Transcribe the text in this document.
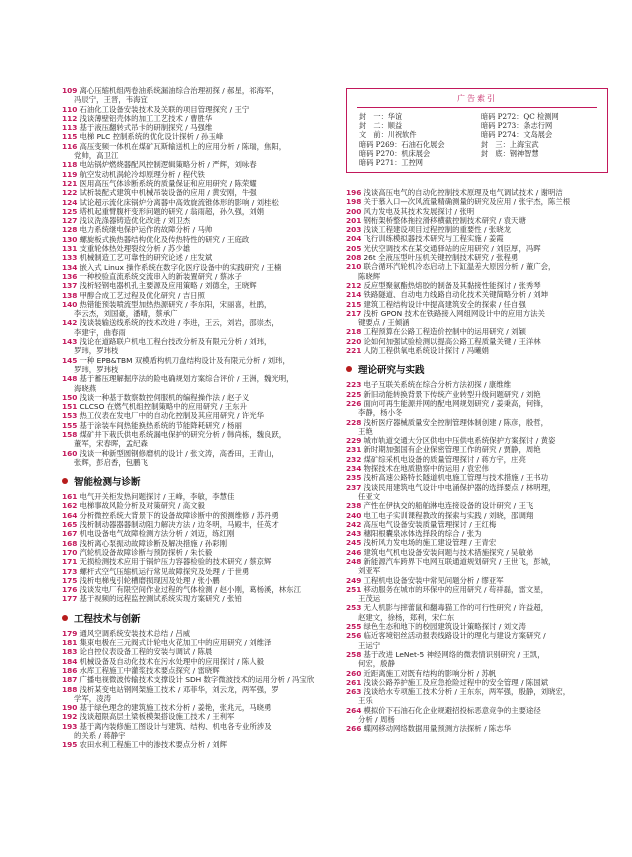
广告索引
封　一：华谊	暗码 P272：QC 检测网
封　二：顺益	暗码 P273：条志行网
文　前：川祝软件	暗码 P274：文岛展会
暗码 P269：石油石化展会	封　三：上海宝武
暗码 P270：机床展会	封　底：钢神智慧
暗码 P271：工控网

109 离心压缩机组两卷油系统漏油综合治理初探 / 郝星，祁海军，
冯辰宁，王晋，韦海宜

110 石油化工设备安装技术及关联的项目管理探究 / 王宁

112 浅谈薄壁铝壳体的加工工艺技术 / 曹胜华

113 基于液压翻转式吊卡的研制探究 / 马强维

115 电梯 PLC 控制系统的优化设计探析 / 孙玉峰

116 高压变频一体机在煤矿瓦斯输送机上的应用分析 / 陈瑞，焦阳，
党帅，高卫江

118 电站锅炉燃烧器配风控制逻辑策略分析 / 严辉，刘咏春

119 航空发动机涡轮冷却原理分析 / 程代铁

121 医用高压气体诊断系统的质量保证和应用研究 / 陈荣耀

122 试析装配式建筑中机械吊装设备的应用 / 黄安刚，牛强

124 试论超示流化床锅炉分离器中高效旋流锥体形的影响 / 刘桂松

125 塔机起重臂腹杆变形问题的研究 / 翁雨超，孙久强，刘娟

127 浅议洗涤器铸造优化改进 / 刘卫杰

128 电力系统继电保护运作的故障分析 / 马帅

130 螺旋板式换热器结构优化及传热特性的研究 / 王庭政

131 支重轮体热处理裂纹分析 / 苏少雄

133 机械制造工艺可靠性的研究论述 / 庄发斌

134 嵌入式 Linux 操作系统在数字化医疗设备中的实践研究 / 王楠

136 一种校验直流系统交流串入的新装置研究 / 蔡冰子

137 浅析轻钢电器机孔主要源及应用策略 / 刘德全，王晓辉

138 甲醇合成工艺过程及优化研究 / 吉日照

140 热错能预装喷流型加热热源研究 / 李东阳，宋丽喜，杜鹃，
李云杰，刘国豪，潘晴，蔡承广

142 浅谈装输送线系统的技术改进 / 李进，王云，刘岩，邵崇杰，
李建宇，曲春雨

143 浅论在道路联户机电工程台技改分析及有限元分析 / 刘玮，
罗玮，罗玮枝

145 一种 EPB&TBM 双模盾构机刀盘结构设计及有限元分析 / 刘玮，
罗玮，罗玮枝

148 基于蓄压理解掘序法的险电确规划方案综合评价 / 王洲，魏光明，
海晓燕

150 浅谈一种基于数察数控伺服机的编程操作法 / 赵子义

151 CLCSO 在燃气机组控制策略中的应用研究 / 王东升

153 热工仪表在发电厂中的自动化控制及其应用研究 / 许光华

155 基于涂装车间热能换热系统的节能降耗研究 / 杨丽

158 煤矿井下栽氏供电系统漏电保护的研究分析 / 韩尚栋，魏良跃，
董军，宋春晖，孟纪森

160 浅谈一种新型圆钢修磨机的设计 / 张文涛，高香田，王青山，
张辉，彭启香，包鹏飞

智能检测与诊断

161 电气开关柜发热问题探讨 / 王峰，李敏，李慧佳

162 电梯事故风险分析及对策研究 / 高文毅

164 分析微控系统大背景下的设备故障诊断中的预测维修 / 苏丹勇

165 浅析制动器器器制动阻力解决方法 / 边冬明，马殿丰，任英才

167 机电设备电气故障检测方法分析 / 刘迈，练红刚

168 浅析离心泵振动故障诊断及解决措施 / 孙彩刚

170 汽轮机设备故障诊断与预防探析 / 朱长毅

171 无损检测技术应用于锅炉压力容器检验的技术研究 / 蔡京辉

173 螺杆式空气压缩机运行常见故障探究及处理 / 于世勇

175 浅析电梯曳引轮槽磨损现因及处理 / 张小鹏

176 浅谈发电厂有限空间作业过程的气体检测 / 赵小刚，葛杨溪，林东江

177 基于视频的远程监控测试系统实现方案研究 / 张铂

工程技术与创新

179 通风空调系统安装技术总结 / 吕威

181 集束电极在三元阀式计轮电火花加工中的应用研究 / 刘维泽

183 论自控仪表设备工程的安装与调试 / 陈晨

184 机械设备及自动化技术在污水处理中的应用探讨 / 陈人毅

186 水库工程施工中灌浆技术要点探究 / 雷晓辉

187 广播电视微波传输技术支撑设计 SDH 数字微波技术的运用分析 / 冯宝欣

188 浅析某变电站钢网架施工技术 / 邓菲华，刘云龙，两军强，罗
学军，凌涛

190 基于绿色理念的建筑施工技术分析 / 姜艳，张兆元，马晓勇

192 浅谈超限高层土梁板模架搭设施工技术 / 王利军

193 基于离内装修施工图设计与建筑、结构、机电各专业所涉及
的关系 / 蒋静宇

195 农田水利工程施工中的渗技术要点分析 / 刘辉

196 浅谈高压电气的自动化控制技术原理及电气调试技术 / 谢明洁

198 关于慕入口—次风流量精确测量的研究及应用 / 张宇杰，陈兰根

200 风力发电及其技术发展探讨 / 张明

201 钢桁架桥整体拖拉滑移横截控制技术研究 / 袁天塘

203 浅谈工程建设项目过程控制的重要性 / 张晓龙

204 飞行训练模拟器技术研究与工程实施 / 姜霞

205 光伏空调技术在某交通驿站的应用研究 / 刘臣厚，冯晖

208 26t 全液压型叶压机关键控制技术研究 / 张程勇

210 联合循环汽轮机冷态启动上下缸温差大原因分析 / 董广会，
陈晓辉

212 反应型聚氨酯热熔胶的制备及其黏接性能探讨 / 张秀琴

214 铁路隧道、自动电力线路自动化技术关键简略分析 / 刘坤

215 建筑工程结构设计中提高建筑安全的探索 / 任自强

217 浅析 GPON 技术在铁路接入网组网设计中的应用方法关
键要点 / 王倾涵

218 工程预算在公路工程造价控制中的运用研究 / 刘颖

220 论如何加强试验检测以提高公路工程质量关键 / 王洋林

221 人防工程供氧电系统设计探讨 / 冯曦娟

理论研究与实践

223 电子互联关系统在综合分析方法初探 / 康维维

225 新旧动能转换背景下传统产业转型升级问题研究 / 刘艳

226 面向可再生能源并网的配电网规划研究 / 姜秉高，何锋，
李静，杨小冬

228 浅析医疗器械质量安全控制管理体制创建 / 陈彦，殷哲，
王艳

229 城市轨道交通大分区供电中压供电系统保护方案探讨 / 黄姿

231 新时期加强国有企业保密管理工作的研究 / 贾静，周艳

232 煤矿综采机电设备的质量管理探讨 / 蒋方宇，庄亮

234 物探技术在地质勘察中的运用 / 袁宏伟

235 浅析高速公路特长隧道机电施工管理与技术措施 / 王书功

237 浅谈民用建筑电气设计中电涌保护器的选择要点 / 林明理，
任亚文

238 产性在伊执交的船舶淋电连接设备的设计研究 / 王飞

240 电工电子实训课程教改的探索与实践 / 刘晓，邵调翔

242 高压电气设备安装质量管理探讨 / 王红梅

243 穗阳根囊泉冰体选择段的综合 / 张为

245 浅析风力发电场的施工建设管理 / 王青宏

246 建筑电气机电设备安装问题与技术措施探究 / 吴敏弟

248 新能源汽车跨界下电网互联通道规划研究 / 王世飞，彭城，
刘亚军

249 工程机电设备安装中常见问题分析 / 缪亚军

251 移动服务在城市的环保中的应用研究 / 苟祥磊，雷文星，
王茂运

253 无人机影与摔蕾鼠和翻毒猫工作的可行性研究 / 许益超，
赵建文，徐杨，郑利，宋仁东

255 绿色生态和地下的校园建筑设计策略探讨 / 刘文涛

256 临近客境铝丝活动报表线路设计的理化与建设方案研究 /
王运宁

258 基于改进 LeNet-5 神经网络的微表情识别研究 / 王凯，
何宏，殷静

260 近距离施工对既有结构的影响分析 / 苏帆

261 浅谈公路养护施工及应急抢险过程中的安全管理 / 陈国斌

263 浅谈给水专项施工技术分析 / 王东东，两军强，殷静，刘晓宏，
王乐

264 模拟价下石油石化企业规避招投标恶意竞争的主要途径
分析 / 周杨

266 蝶网移动网络数据用量预测方法探析 / 陈志华
